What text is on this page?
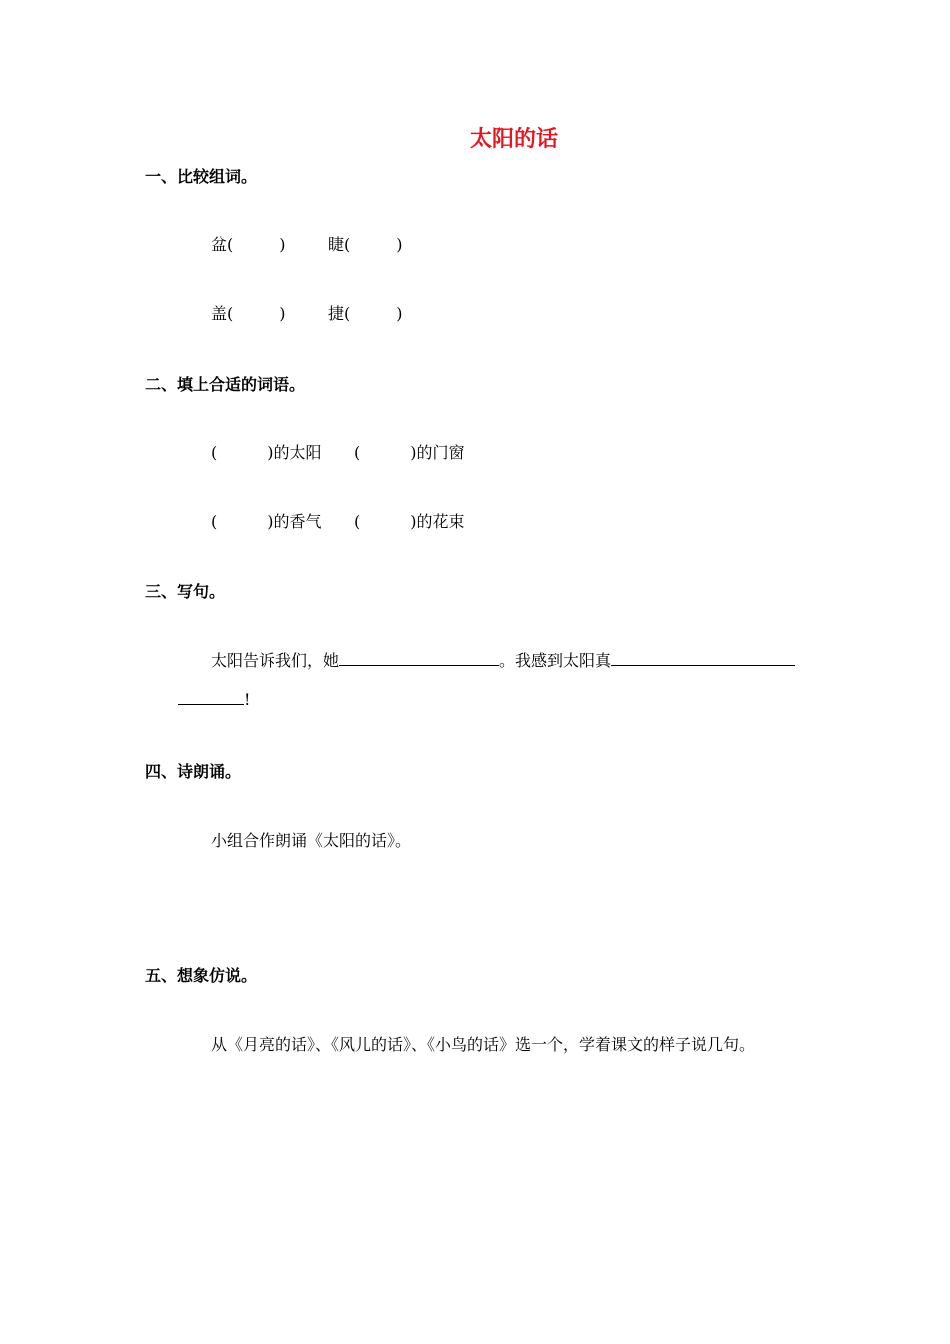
太阳的话
一、比较组词。
盆(	)	睫(	)
盖(	)	捷(	)
二、填上合适的词语。
(	)的太阳 (	)的门窗
(	)的香气 (	)的花束
三、写句。
太阳告诉我们，她	。我感到太阳真
!
四、诗朗诵。
小组合作朗诵《太阳的话》。
五、想象仿说。
从《月亮的话》、《风儿的话》、《小鸟的话》选一个，学着课文的样子说几句。
